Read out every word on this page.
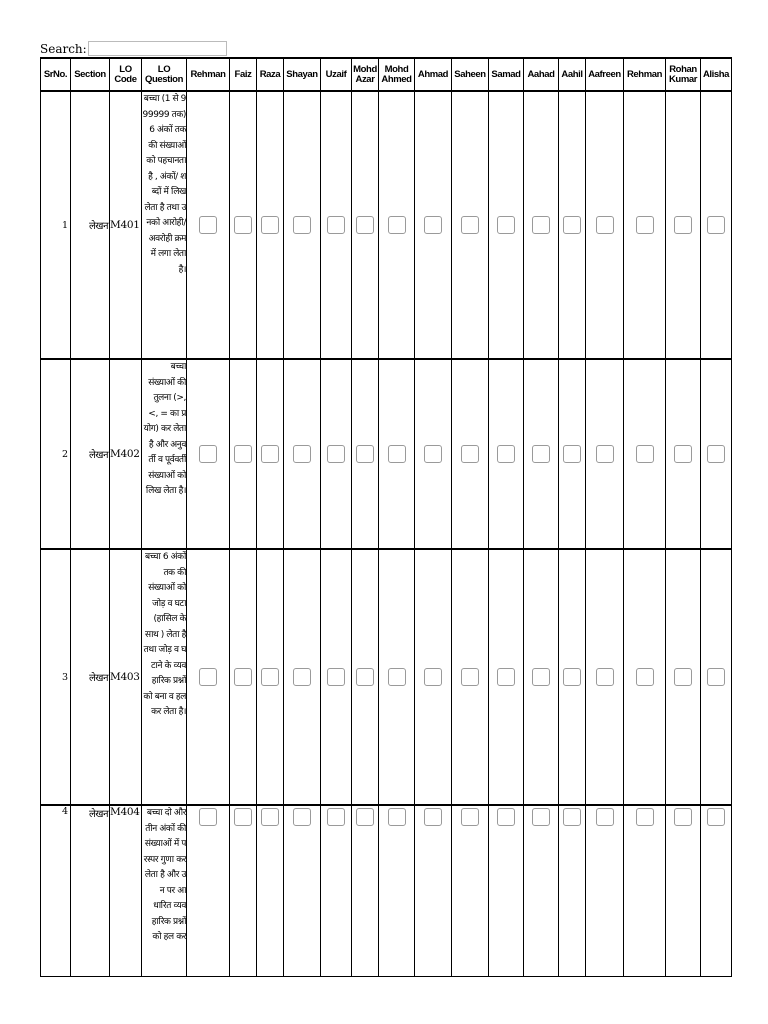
Search:
SrNo.	Section	LO Code	LO Question	Rehman	Faiz	Raza	Shayan	Uzaif	Mohd Azar	Mohd Ahmed	Ahmad	Saheen	Samad	Aahad	Aahil	Aafreen	Rehman	Rohan Kumar	Alisha
1	लेखन	M401	बच्चा (1 से 999999 तक) 6 अंकों तक की संख्याओं को पहचानता है , अंकों/ शब्दों में लिख लेता है तथा उनको आरोही/ अवरोही क्रम में लगा लेता है।	

2	लेखन	M402	बच्चा संख्याओं की तुलना (>, <, = का प्रयोग) कर लेता है और अनुवर्ती व पूर्ववर्ती संख्याओं को लिख लेता है।	

3	लेखन	M403	बच्चा 6 अंकों तक की संख्याओं को जोड़ व घटा (हासिल के साथ ) लेता है तथा जोड़ व घटाने के व्यवहारिक प्रश्नों को बना व हल कर लेता है।	

4	लेखन	M404	बच्चा दो और तीन अंकों की संख्याओं में परस्पर गुणा कर लेता है और उन पर आधारित व्यवहारिक प्रश्नों को हल कर	
